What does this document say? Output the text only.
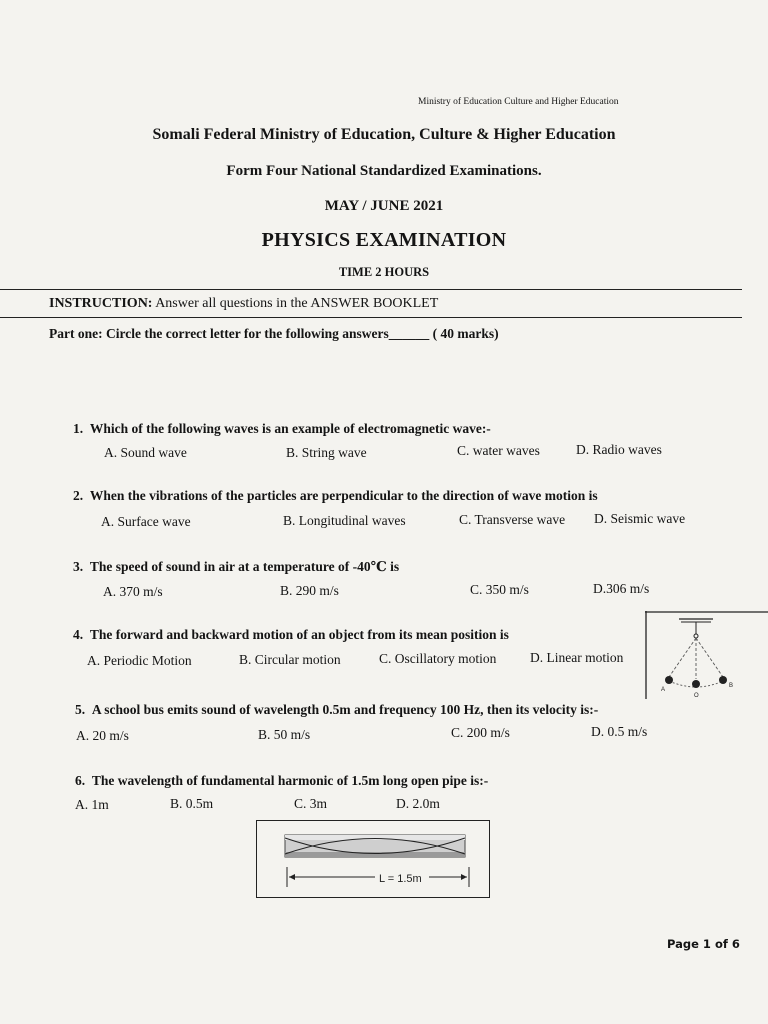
Ministry of Education Culture and Higher Education
Somali Federal Ministry of Education, Culture & Higher Education
Form Four National Standardized Examinations.
MAY / JUNE 2021
PHYSICS EXAMINATION
TIME 2 HOURS
INSTRUCTION: Answer all questions in the ANSWER BOOKLET
Part one: Circle the correct letter for the following answers______ ( 40 marks)
1. Which of the following waves is an example of electromagnetic wave:-
A. Sound wave	B. String wave	C. water waves	D. Radio waves
2. When the vibrations of the particles are perpendicular to the direction of wave motion is
A. Surface wave	B. Longitudinal waves	C. Transverse wave D. Seismic wave
3. The speed of sound in air at a temperature of -40℃ is
A. 370 m/s	B. 290 m/s	C. 350 m/s	D.306 m/s
4. The forward and backward motion of an object from its mean position is
A. Periodic Motion	B. Circular motion	C. Oscillatory motion D. Linear motion
A
O
B
5. A school bus emits sound of wavelength 0.5m and frequency 100 Hz, then its velocity is:-
A. 20 m/s	B. 50 m/s	C. 200 m/s	D. 0.5 m/s
6. The wavelength of fundamental harmonic of 1.5m long open pipe is:-
A. 1m	B. 0.5m	C. 3m	D. 2.0m
L = 1.5m
Page 1 of 6
